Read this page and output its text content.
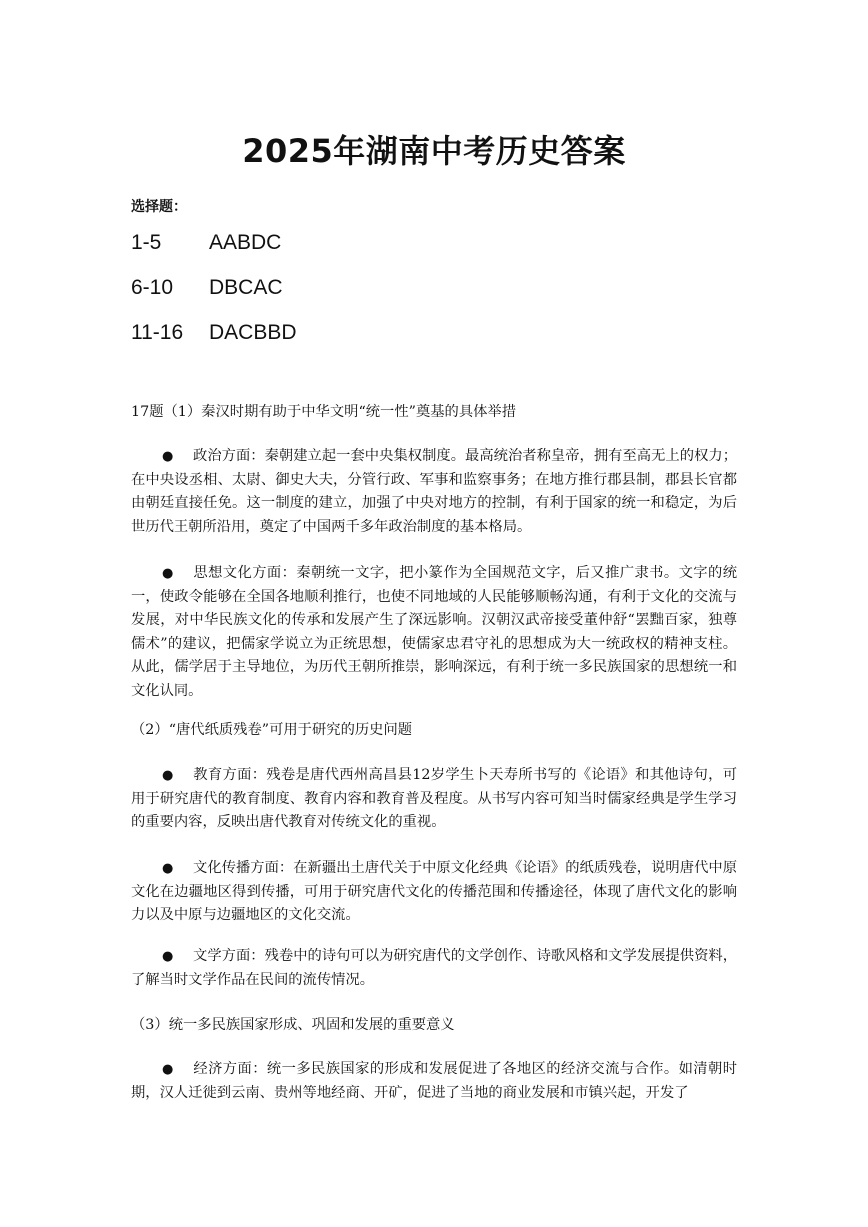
2025年湖南中考历史答案
选择题：
1-5 AABDC
6-10 DBCAC
11-16 DACBBD
17题（1）秦汉时期有助于中华文明“统一性”奠基的具体举措
● 政治方面：秦朝建立起一套中央集权制度。最高统治者称皇帝，拥有至高无上的权力；在中央设丞相、太尉、御史大夫，分管行政、军事和监察事务；在地方推行郡县制，郡县长官都由朝廷直接任免。这一制度的建立，加强了中央对地方的控制，有利于国家的统一和稳定，为后世历代王朝所沿用，奠定了中国两千多年政治制度的基本格局。
● 思想文化方面：秦朝统一文字，把小篆作为全国规范文字，后又推广隶书。文字的统一，使政令能够在全国各地顺利推行，也使不同地域的人民能够顺畅沟通，有利于文化的交流与发展，对中华民族文化的传承和发展产生了深远影响。汉朝汉武帝接受董仲舒“罢黜百家，独尊儒术”的建议，把儒家学说立为正统思想，使儒家忠君守礼的思想成为大一统政权的精神支柱。从此，儒学居于主导地位，为历代王朝所推崇，影响深远，有利于统一多民族国家的思想统一和文化认同。
（2）“唐代纸质残卷”可用于研究的历史问题
● 教育方面：残卷是唐代西州高昌县12岁学生卜天寿所书写的《论语》和其他诗句，可用于研究唐代的教育制度、教育内容和教育普及程度。从书写内容可知当时儒家经典是学生学习的重要内容，反映出唐代教育对传统文化的重视。
● 文化传播方面：在新疆出土唐代关于中原文化经典《论语》的纸质残卷，说明唐代中原文化在边疆地区得到传播，可用于研究唐代文化的传播范围和传播途径，体现了唐代文化的影响力以及中原与边疆地区的文化交流。
● 文学方面：残卷中的诗句可以为研究唐代的文学创作、诗歌风格和文学发展提供资料，了解当时文学作品在民间的流传情况。
（3）统一多民族国家形成、巩固和发展的重要意义
● 经济方面：统一多民族国家的形成和发展促进了各地区的经济交流与合作。如清朝时期，汉人迁徙到云南、贵州等地经商、开矿，促进了当地的商业发展和市镇兴起，开发了
